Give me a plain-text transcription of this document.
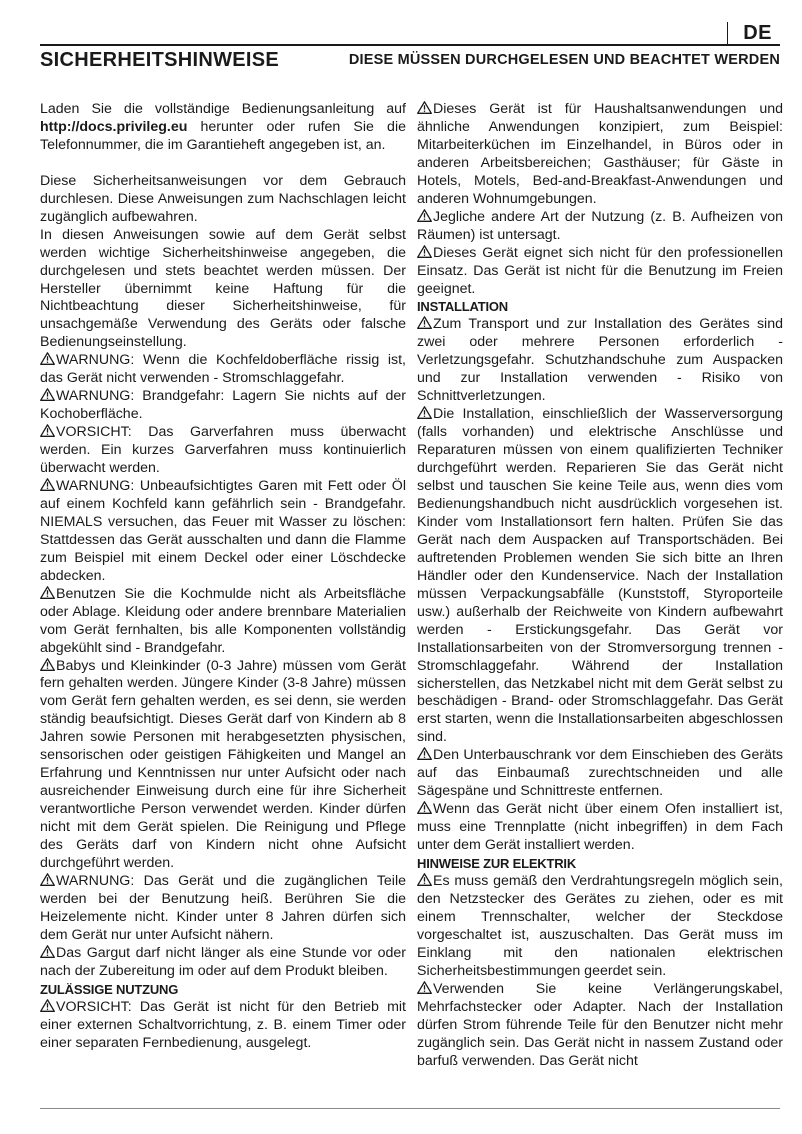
DE
SICHERHEITSHINWEISE	DIESE MÜSSEN DURCHGELESEN UND BEACHTET WERDEN

Laden Sie die vollständige Bedienungsanleitung auf http://docs.privileg.eu herunter oder rufen Sie die Telefonnummer, die im Garantieheft angegeben ist, an.

Diese Sicherheitsanweisungen vor dem Gebrauch durchlesen. Diese Anweisungen zum Nachschlagen leicht zugänglich aufbewahren.

In diesen Anweisungen sowie auf dem Gerät selbst werden wichtige Sicherheitshinweise angegeben, die durchgelesen und stets beachtet werden müssen. Der Hersteller übernimmt keine Haftung für die Nichtbeachtung dieser Sicherheitshinweise, für unsachgemäße Verwendung des Geräts oder falsche Bedienungseinstellung.

WARNUNG: Wenn die Kochfeldoberfläche rissig ist, das Gerät nicht verwenden - Stromschlaggefahr.

WARNUNG: Brandgefahr: Lagern Sie nichts auf der Kochoberfläche.

VORSICHT: Das Garverfahren muss überwacht werden. Ein kurzes Garverfahren muss kontinuierlich überwacht werden.

WARNUNG: Unbeaufsichtigtes Garen mit Fett oder Öl auf einem Kochfeld kann gefährlich sein - Brandgefahr. NIEMALS versuchen, das Feuer mit Wasser zu löschen: Stattdessen das Gerät ausschalten und dann die Flamme zum Beispiel mit einem Deckel oder einer Löschdecke abdecken.

Benutzen Sie die Kochmulde nicht als Arbeitsfläche oder Ablage. Kleidung oder andere brennbare Materialien vom Gerät fernhalten, bis alle Komponenten vollständig abgekühlt sind - Brandgefahr.

Babys und Kleinkinder (0-3 Jahre) müssen vom Gerät fern gehalten werden. Jüngere Kinder (3-8 Jahre) müssen vom Gerät fern gehalten werden, es sei denn, sie werden ständig beaufsichtigt. Dieses Gerät darf von Kindern ab 8 Jahren sowie Personen mit herabgesetzten physischen, sensorischen oder geistigen Fähigkeiten und Mangel an Erfahrung und Kenntnissen nur unter Aufsicht oder nach ausreichender Einweisung durch eine für ihre Sicherheit verantwortliche Person verwendet werden. Kinder dürfen nicht mit dem Gerät spielen. Die Reinigung und Pflege des Geräts darf von Kindern nicht ohne Aufsicht durchgeführt werden.

WARNUNG: Das Gerät und die zugänglichen Teile werden bei der Benutzung heiß. Berühren Sie die Heizelemente nicht. Kinder unter 8 Jahren dürfen sich dem Gerät nur unter Aufsicht nähern.

Das Gargut darf nicht länger als eine Stunde vor oder nach der Zubereitung im oder auf dem Produkt bleiben.

ZULÄSSIGE NUTZUNG

VORSICHT: Das Gerät ist nicht für den Betrieb mit einer externen Schaltvorrichtung, z. B. einem Timer oder einer separaten Fernbedienung, ausgelegt.

Dieses Gerät ist für Haushaltsanwendungen und ähnliche Anwendungen konzipiert, zum Beispiel: Mitarbeiterküchen im Einzelhandel, in Büros oder in anderen Arbeitsbereichen; Gasthäuser; für Gäste in Hotels, Motels, Bed-and-Breakfast-Anwendungen und anderen Wohnumgebungen.

Jegliche andere Art der Nutzung (z. B. Aufheizen von Räumen) ist untersagt.

Dieses Gerät eignet sich nicht für den professionellen Einsatz. Das Gerät ist nicht für die Benutzung im Freien geeignet.

INSTALLATION

Zum Transport und zur Installation des Gerätes sind zwei oder mehrere Personen erforderlich - Verletzungsgefahr. Schutzhandschuhe zum Auspacken und zur Installation verwenden - Risiko von Schnittverletzungen.

Die Installation, einschließlich der Wasserversorgung (falls vorhanden) und elektrische Anschlüsse und Reparaturen müssen von einem qualifizierten Techniker durchgeführt werden. Reparieren Sie das Gerät nicht selbst und tauschen Sie keine Teile aus, wenn dies vom Bedienungshandbuch nicht ausdrücklich vorgesehen ist. Kinder vom Installationsort fern halten. Prüfen Sie das Gerät nach dem Auspacken auf Transportschäden. Bei auftretenden Problemen wenden Sie sich bitte an Ihren Händler oder den Kundenservice. Nach der Installation müssen Verpackungsabfälle (Kunststoff, Styroporteile usw.) außerhalb der Reichweite von Kindern aufbewahrt werden - Erstickungsgefahr. Das Gerät vor Installationsarbeiten von der Stromversorgung trennen - Stromschlaggefahr. Während der Installation sicherstellen, das Netzkabel nicht mit dem Gerät selbst zu beschädigen - Brand- oder Stromschlaggefahr. Das Gerät erst starten, wenn die Installationsarbeiten abgeschlossen sind.

Den Unterbauschrank vor dem Einschieben des Geräts auf das Einbaumaß zurechtschneiden und alle Sägespäne und Schnittreste entfernen.

Wenn das Gerät nicht über einem Ofen installiert ist, muss eine Trennplatte (nicht inbegriffen) in dem Fach unter dem Gerät installiert werden.

HINWEISE ZUR ELEKTRIK

Es muss gemäß den Verdrahtungsregeln möglich sein, den Netzstecker des Gerätes zu ziehen, oder es mit einem Trennschalter, welcher der Steckdose vorgeschaltet ist, auszuschalten. Das Gerät muss im Einklang mit den nationalen elektrischen Sicherheitsbestimmungen geerdet sein.

Verwenden Sie keine Verlängerungskabel, Mehrfachstecker oder Adapter. Nach der Installation dürfen Strom führende Teile für den Benutzer nicht mehr zugänglich sein. Das Gerät nicht in nassem Zustand oder barfuß verwenden. Das Gerät nicht
